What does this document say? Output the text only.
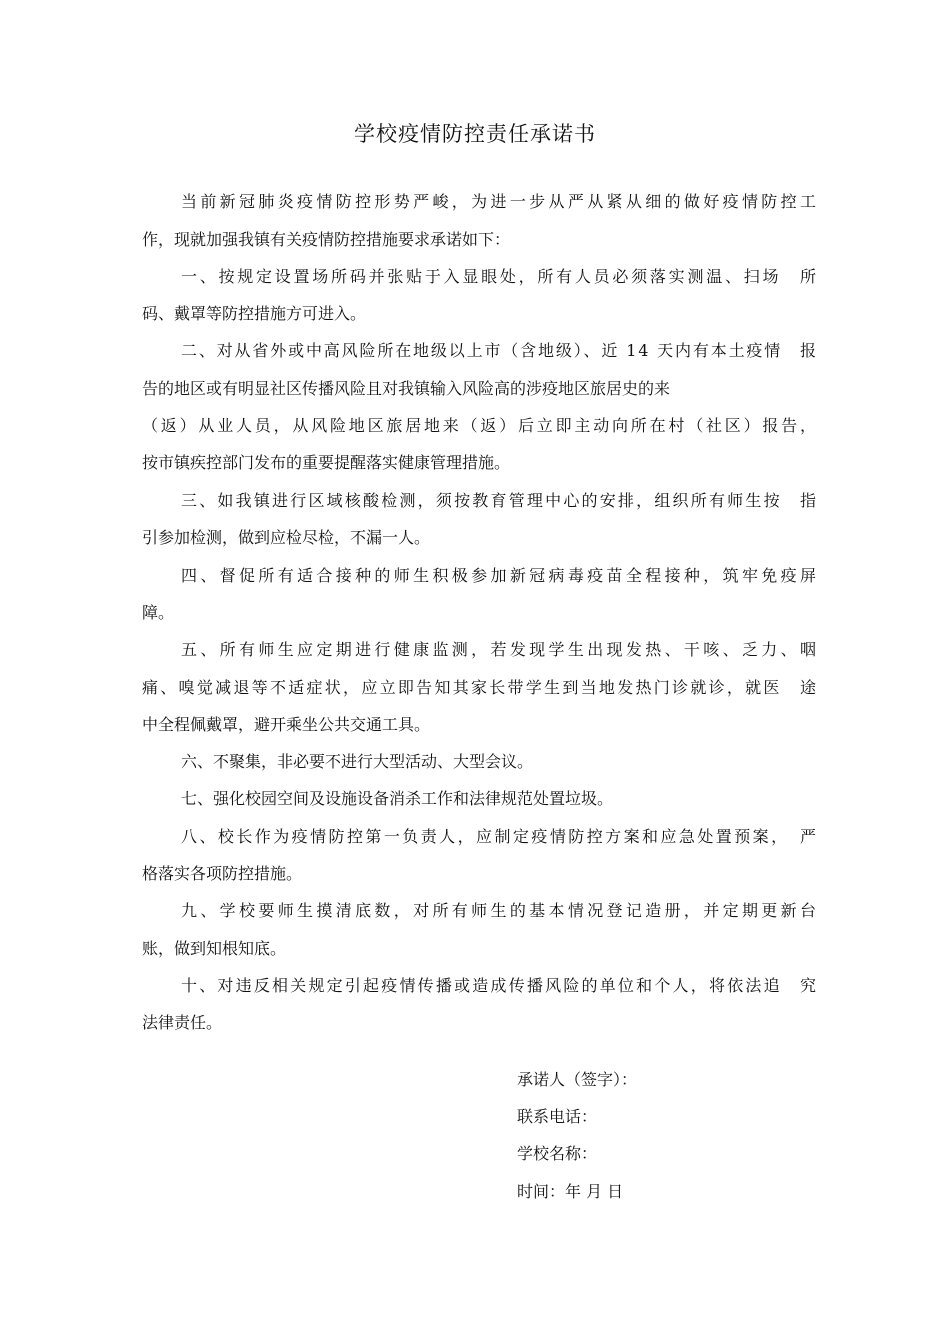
学校疫情防控责任承诺书
当前新冠肺炎疫情防控形势严峻，为进一步从严从紧从细的做好疫情防控工
作，现就加强我镇有关疫情防控措施要求承诺如下：
一、按规定设置场所码并张贴于入显眼处，所有人员必须落实测温、扫场　所
码、戴罩等防控措施方可进入。
二、对从省外或中高风险所在地级以上市（含地级）、近 14 天内有本土疫情　报
告的地区或有明显社区传播风险且对我镇输入风险高的涉疫地区旅居史的来
（返）从业人员，从风险地区旅居地来（返）后立即主动向所在村（社区）报告，
按市镇疾控部门发布的重要提醒落实健康管理措施。
三、如我镇进行区域核酸检测，须按教育管理中心的安排，组织所有师生按　指
引参加检测，做到应检尽检，不漏一人。
四、督促所有适合接种的师生积极参加新冠病毒疫苗全程接种，筑牢免疫屏
障。
五、所有师生应定期进行健康监测，若发现学生出现发热、干咳、乏力、咽
痛、嗅觉减退等不适症状，应立即告知其家长带学生到当地发热门诊就诊，就医　途
中全程佩戴罩，避开乘坐公共交通工具。
六、不聚集，非必要不进行大型活动、大型会议。
七、强化校园空间及设施设备消杀工作和法律规范处置垃圾。
八、校长作为疫情防控第一负责人，应制定疫情防控方案和应急处置预案，　严
格落实各项防控措施。
九、学校要师生摸清底数，对所有师生的基本情况登记造册，并定期更新台
账，做到知根知底。
十、对违反相关规定引起疫情传播或造成传播风险的单位和个人，将依法追　究
法律责任。
承诺人（签字）：
联系电话：
学校名称：
时间：年 月 日
